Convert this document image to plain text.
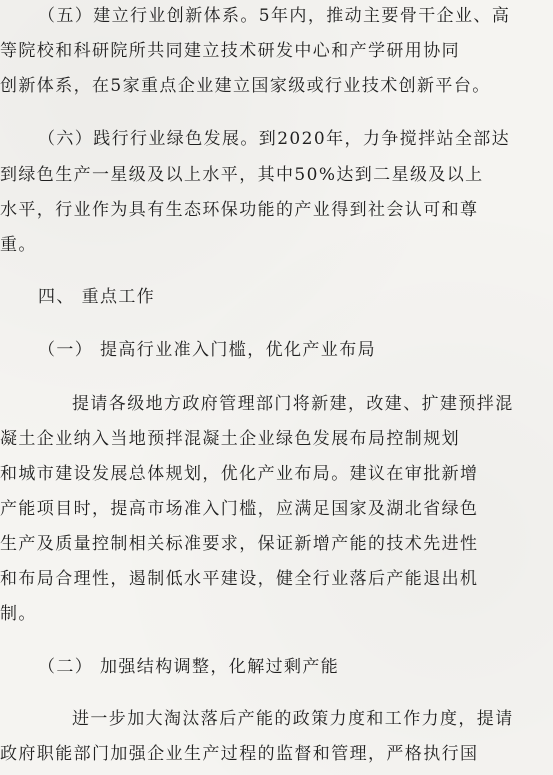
（五）建立行业创新体系。5年内，推动主要骨干企业、高
等院校和科研院所共同建立技术研发中心和产学研用协同
创新体系，在5家重点企业建立国家级或行业技术创新平台。
（六）践行行业绿色发展。到2020年，力争搅拌站全部达
到绿色生产一星级及以上水平，其中50%达到二星级及以上
水平，行业作为具有生态环保功能的产业得到社会认可和尊
重。
四、 重点工作
（一） 提高行业准入门槛，优化产业布局
提请各级地方政府管理部门将新建，改建、扩建预拌混
凝土企业纳入当地预拌混凝土企业绿色发展布局控制规划
和城市建设发展总体规划，优化产业布局。建议在审批新增
产能项目时，提高市场准入门槛，应满足国家及湖北省绿色
生产及质量控制相关标准要求，保证新增产能的技术先进性
和布局合理性，遏制低水平建设，健全行业落后产能退出机
制。
（二） 加强结构调整，化解过剩产能
进一步加大淘汰落后产能的政策力度和工作力度，提请
政府职能部门加强企业生产过程的监督和管理，严格执行国
